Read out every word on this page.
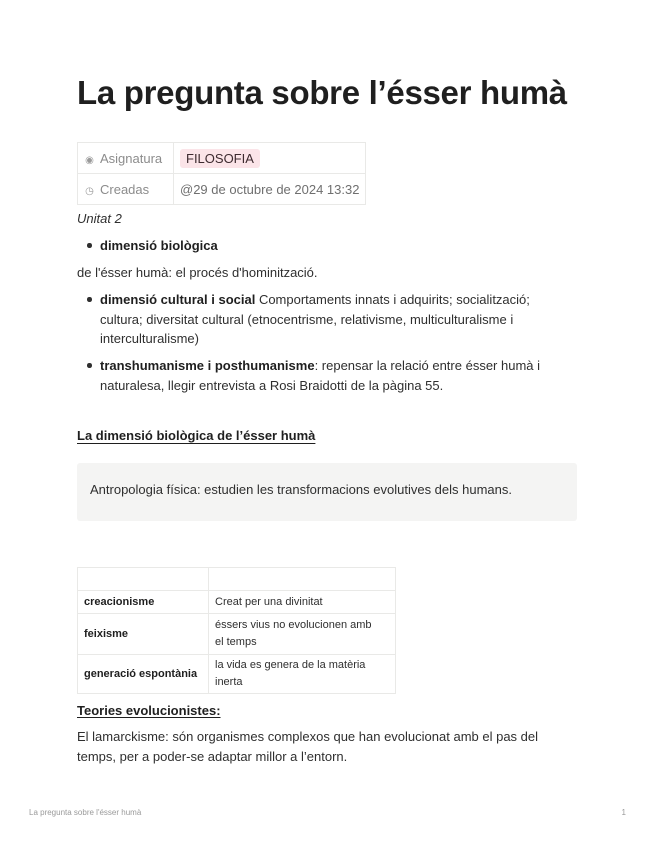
La pregunta sobre l’ésser humà
◉ Asignatura	FILOSOFIA
◷ Creadas	@29 de octubre de 2024 13:32
Unitat 2
dimensió biològica
de l'ésser humà: el procés d'hominització.
dimensió cultural i social Comportaments innats i adquirits; socialització;
cultura; diversitat cultural (etnocentrisme, relativisme, multiculturalisme i
interculturalisme)
transhumanisme i posthumanisme: repensar la relació entre ésser humà i
naturalesa, llegir entrevista a Rosi Braidotti de la pàgina 55.
La dimensió biològica de l’ésser humà
Antropologia física: estudien les transformacions evolutives dels humans.

creacionisme	Creat per una divinitat
feixisme	éssers vius no evolucionen amb
el temps

generació espontània	la vida es genera de la matèria
inerta
Teories evolucionistes:
El lamarckisme: són organismes complexos que han evolucionat amb el pas del
temps, per a poder-se adaptar millor a l’entorn.
La pregunta sobre l'ésser humà	1
